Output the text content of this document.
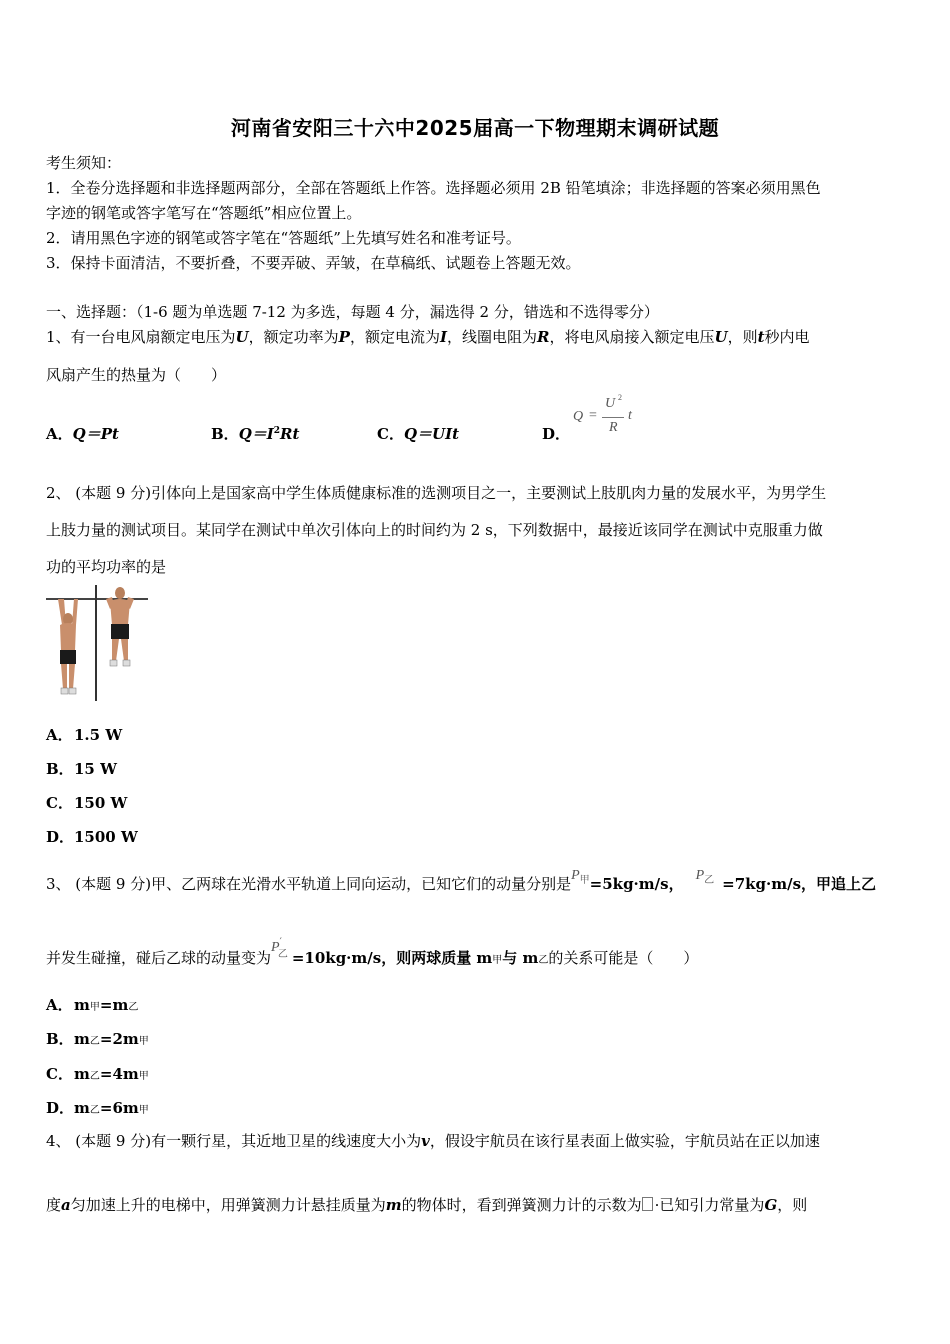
河南省安阳三十六中2025届高一下物理期末调研试题
考生须知：
1．全卷分选择题和非选择题两部分，全部在答题纸上作答。选择题必须用 2B 铅笔填涂；非选择题的答案必须用黑色
字迹的钢笔或答字笔写在“答题纸”相应位置上。
2．请用黑色字迹的钢笔或答字笔在“答题纸”上先填写姓名和准考证号。
3．保持卡面清洁，不要折叠，不要弄破、弄皱，在草稿纸、试题卷上答题无效。
一、选择题：（1-6 题为单选题 7-12 为多选，每题 4 分，漏选得 2 分，错选和不选得零分）
1、有一台电风扇额定电压为U，额定功率为P，额定电流为I，线圈电阻为R，将电风扇接入额定电压U，则t秒内电
风扇产生的热量为（　　）
A．Q＝Pt	B．$Q=I^2Rt$	C．Q＝UIt	D．
Q =
U 2
R
t
2、 (本题 9 分)引体向上是国家高中学生体质健康标准的选测项目之一，主要测试上肢肌肉力量的发展水平，为男学生
上肢力量的测试项目。某同学在测试中单次引体向上的时间约为 2 s，下列数据中，最接近该同学在测试中克服重力做
功的平均功率的是
A．1.5 W
B．15 W
C．150 W
D．1500 W
3、 (本题 9 分)甲、乙两球在光滑水平轨道上同向运动，已知它们的动量分别是$P^甲=5kg\cdot m/s$， $P^乙 =7kg\cdot m/s$，甲追上乙
并发生碰撞，碰后乙球的动量变为$P^{'乙} =10kg\cdot m/s$，则两球质量 m甲与 m乙的关系可能是（　　）
A．m甲=m乙
B．m乙=2m甲
C．m乙=4m甲
D．m乙=6m甲
4、 (本题 9 分)有一颗行星，其近地卫星的线速度大小为v，假设宇航员在该行星表面上做实验，宇航员站在正以加速
度a匀加速上升的电梯中，用弹簧测力计悬挂质量为m的物体时，看到弹簧测力计的示数为 ·已知引力常量为G，则
